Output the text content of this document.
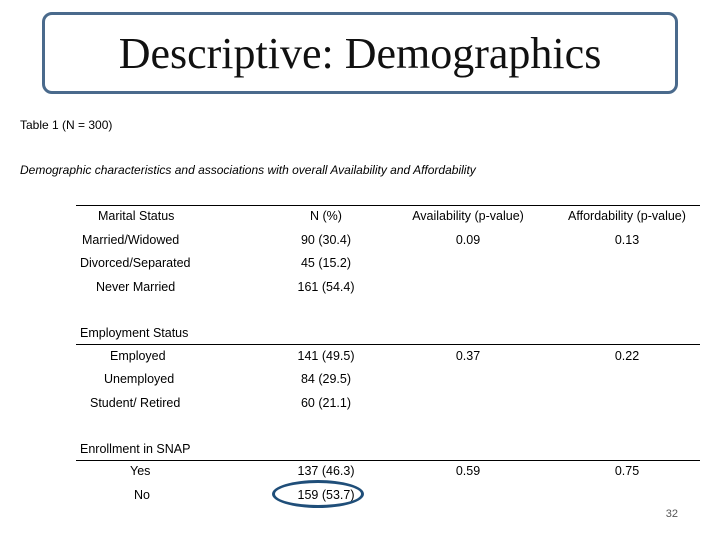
Descriptive: Demographics
Table 1 (N = 300)
Demographic characteristics and associations with overall Availability and Affordability
Marital Status	N (%)	Availability (p-value)	Affordability (p-value)
Married/Widowed	90 (30.4)	0.09	0.13
Divorced/Separated	45 (15.2)
Never Married	161 (54.4)
Employment Status
Employed	141 (49.5)	0.37	0.22
Unemployed	84 (29.5)
Student/ Retired	60 (21.1)
Enrollment in SNAP
Yes	137 (46.3)	0.59	0.75
No	159 (53.7)
32
